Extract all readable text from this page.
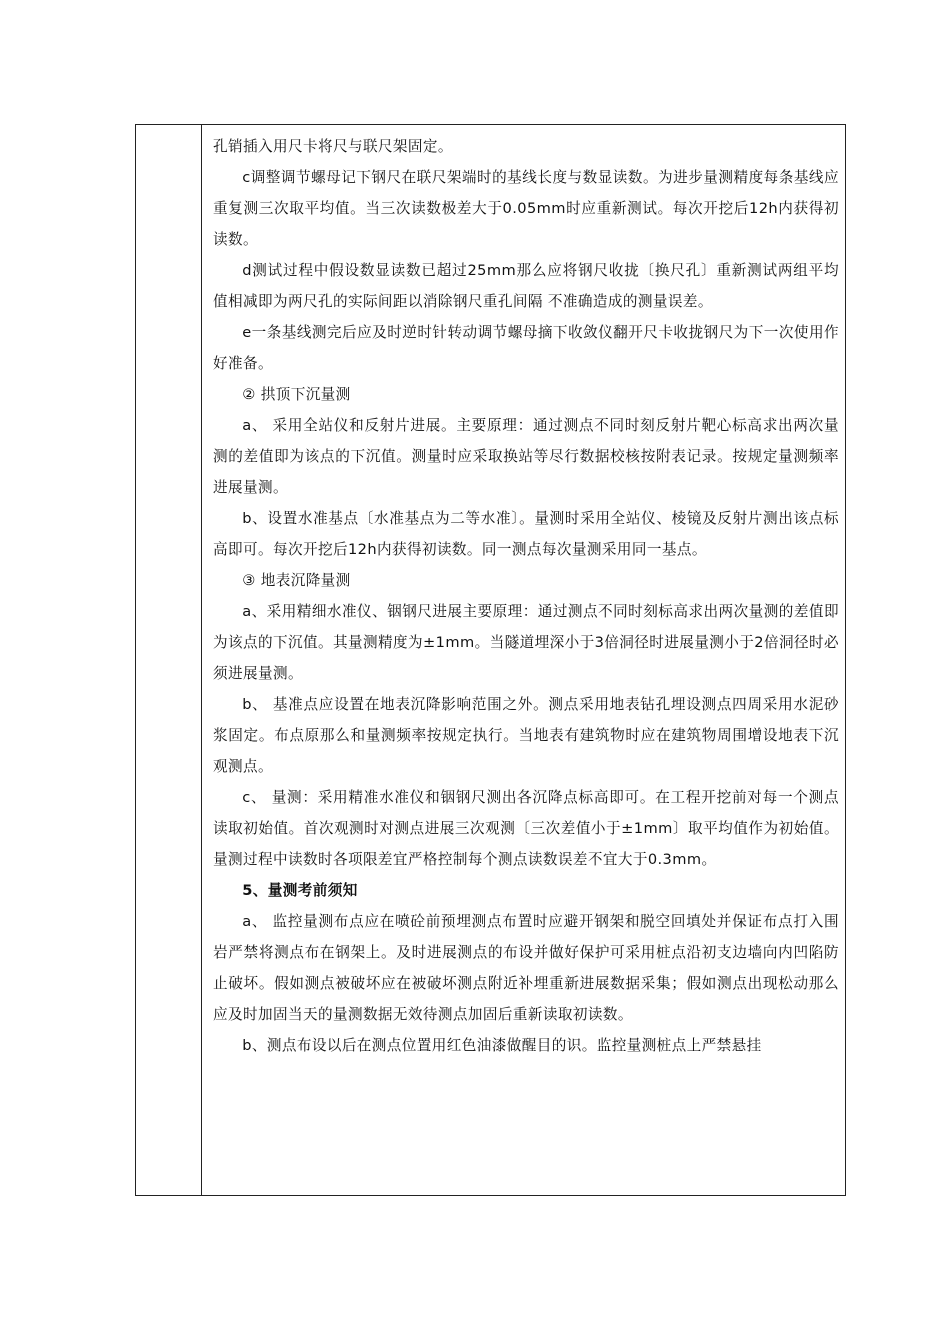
孔销插入用尺卡将尺与联尺架固定。

c调整调节螺母记下钢尺在联尺架端时的基线长度与数显读数。为进步量测精度每条基线应重复测三次取平均值。当三次读数极差大于0.05mm时应重新测试。每次开挖后12h内获得初读数。

d测试过程中假设数显读数已超过25mm那么应将钢尺收拢〔换尺孔〕重新测试两组平均值相减即为两尺孔的实际间距以消除钢尺重孔间隔 不准确造成的测量误差。

e一条基线测完后应及时逆时针转动调节螺母摘下收敛仪翻开尺卡收拢钢尺为下一次使用作好准备。

② 拱顶下沉量测

a、 采用全站仪和反射片进展。主要原理：通过测点不同时刻反射片靶心标高求出两次量测的差值即为该点的下沉值。测量时应采取换站等尽行数据校核按附表记录。按规定量测频率进展量测。

b、设置水准基点〔水准基点为二等水准〕。量测时采用全站仪、棱镜及反射片测出该点标高即可。每次开挖后12h内获得初读数。同一测点每次量测采用同一基点。

③ 地表沉降量测

a、采用精细水准仪、铟钢尺进展主要原理：通过测点不同时刻标高求出两次量测的差值即为该点的下沉值。其量测精度为±1mm。当隧道埋深小于3倍洞径时进展量测小于2倍洞径时必须进展量测。

b、 基准点应设置在地表沉降影响范围之外。测点采用地表钻孔埋设测点四周采用水泥砂浆固定。布点原那么和量测频率按规定执行。当地表有建筑物时应在建筑物周围增设地表下沉观测点。

c、 量测：采用精准水准仪和铟钢尺测出各沉降点标高即可。在工程开挖前对每一个测点读取初始值。首次观测时对测点进展三次观测〔三次差值小于±1mm〕取平均值作为初始值。量测过程中读数时各项限差宜严格控制每个测点读数误差不宜大于0.3mm。

5、量测考前须知

a、 监控量测布点应在喷砼前预埋测点布置时应避开钢架和脱空回填处并保证布点打入围岩严禁将测点布在钢架上。及时进展测点的布设并做好保护可采用桩点沿初支边墙向内凹陷防止破坏。假如测点被破坏应在被破坏测点附近补埋重新进展数据采集；假如测点出现松动那么应及时加固当天的量测数据无效待测点加固后重新读取初读数。

b、测点布设以后在测点位置用红色油漆做醒目的识。监控量测桩点上严禁悬挂
